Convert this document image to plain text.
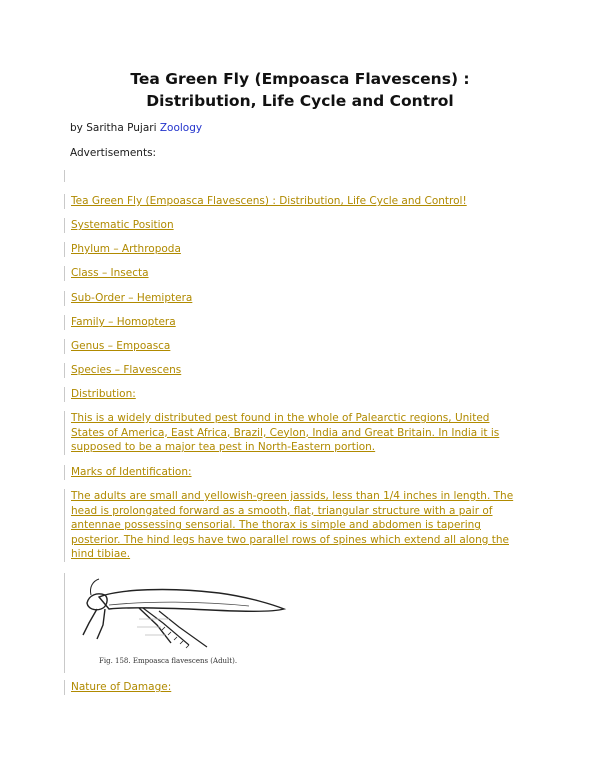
Tea Green Fly (Empoasca Flavescens) :
Distribution, Life Cycle and Control
by Saritha Pujari Zoology
Advertisements:
Tea Green Fly (Empoasca Flavescens) : Distribution, Life Cycle and Control!
Systematic Position
Phylum – Arthropoda
Class – Insecta
Sub-Order – Hemiptera
Family – Homoptera
Genus – Empoasca
Species – Flavescens
Distribution:
This is a widely distributed pest found in the whole of Palearctic regions, United
States of America, East Africa, Brazil, Ceylon, India and Great Britain. In India it is
supposed to be a major tea pest in North-Eastern portion.
Marks of Identification:
The adults are small and yellowish-green jassids, less than 1/4 inches in length. The
head is prolongated forward as a smooth, flat, triangular structure with a pair of
antennae possessing sensorial. The thorax is simple and abdomen is tapering
posterior. The hind legs have two parallel rows of spines which extend all along the
hind tibiae.
Fig. 158. Empoasca flavescens (Adult).
Nature of Damage:
